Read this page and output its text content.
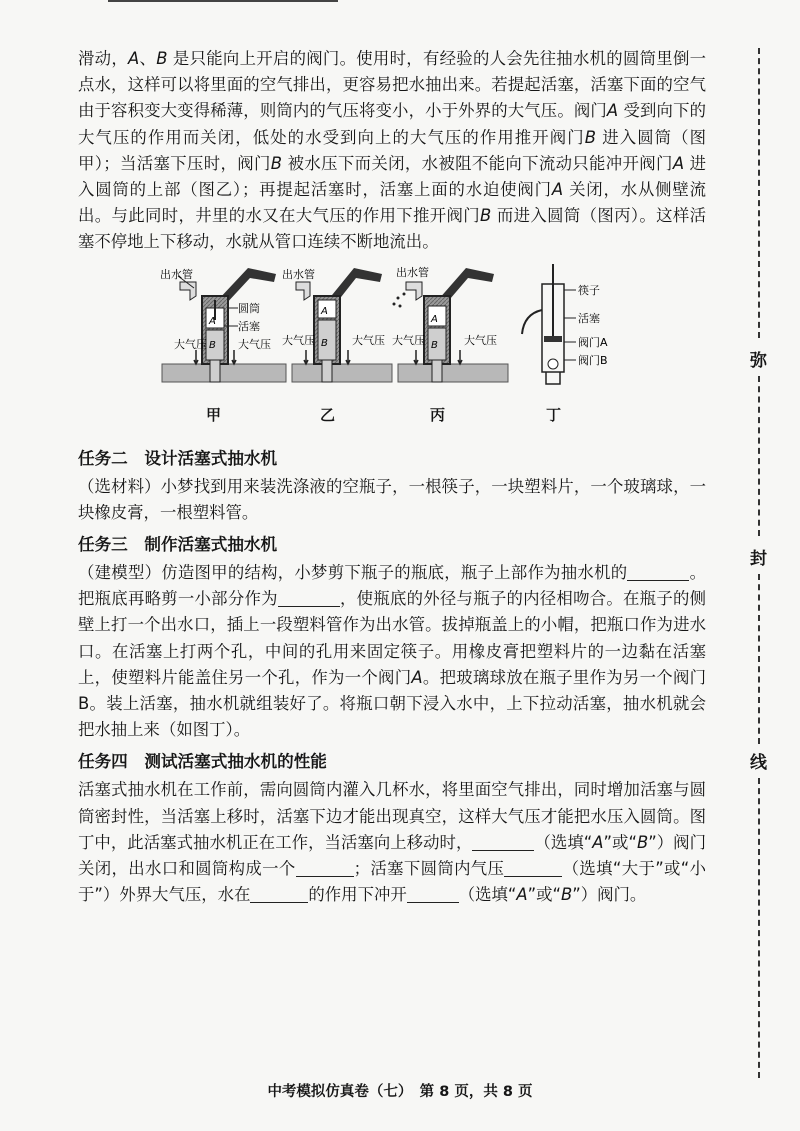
滑动，A、B 是只能向上开启的阀门。使用时，有经验的人会先往抽水机的圆筒里倒一点水，这样可以将里面的空气排出，更容易把水抽出来。若提起活塞，活塞下面的空气由于容积变大变得稀薄，则筒内的气压将变小，小于外界的大气压。阀门A 受到向下的大气压的作用而关闭，低处的水受到向上的大气压的作用推开阀门B 进入圆筒（图甲）；当活塞下压时，阀门B 被水压下而关闭，水被阻不能向下流动只能冲开阀门A 进入圆筒的上部（图乙）；再提起活塞时，活塞上面的水迫使阀门A 关闭，水从侧壁流出。与此同时，井里的水又在大气压的作用下推开阀门B 而进入圆筒（图丙）。这样活塞不停地上下移动，水就从管口连续不断地流出。

出水管
圆筒
活塞
大气压	大气压
A
B
出水管
大气压	大气压
A
B
出水管
大气压	大气压
A
B
筷子
活塞
阀门A
阀门B
甲	乙	丙	丁

任务二　设计活塞式抽水机

（选材料）小梦找到用来装洗涤液的空瓶子，一根筷子，一块塑料片，一个玻璃球，一块橡皮膏，一根塑料管。

任务三　制作活塞式抽水机

（建模型）仿造图甲的结构，小梦剪下瓶子的瓶底，瓶子上部作为抽水机的	。把瓶底再略剪一小部分作为	，使瓶底的外径与瓶子的内径相吻合。在瓶子的侧壁上打一个出水口，插上一段塑料管作为出水管。拔掉瓶盖上的小帽，把瓶口作为进水口。在活塞上打两个孔，中间的孔用来固定筷子。用橡皮膏把塑料片的一边黏在活塞上，使塑料片能盖住另一个孔，作为一个阀门A。把玻璃球放在瓶子里作为另一个阀门B。装上活塞，抽水机就组装好了。将瓶口朝下浸入水中，上下拉动活塞，抽水机就会把水抽上来（如图丁）。

任务四　测试活塞式抽水机的性能

活塞式抽水机在工作前，需向圆筒内灌入几杯水，将里面空气排出，同时增加活塞与圆筒密封性，当活塞上移时，活塞下边才能出现真空，这样大气压才能把水压入圆筒。图丁中，此活塞式抽水机正在工作，当活塞向上移动时，	（选填“A”或“B”）阀门关闭，出水口和圆筒构成一个	；活塞下圆筒内气压	（选填“大于”或“小于”）外界大气压，水在	的作用下冲开	（选填“A”或“B”）阀门。

弥
封
线
中考模拟仿真卷（七）　第 8 页，共 8 页
